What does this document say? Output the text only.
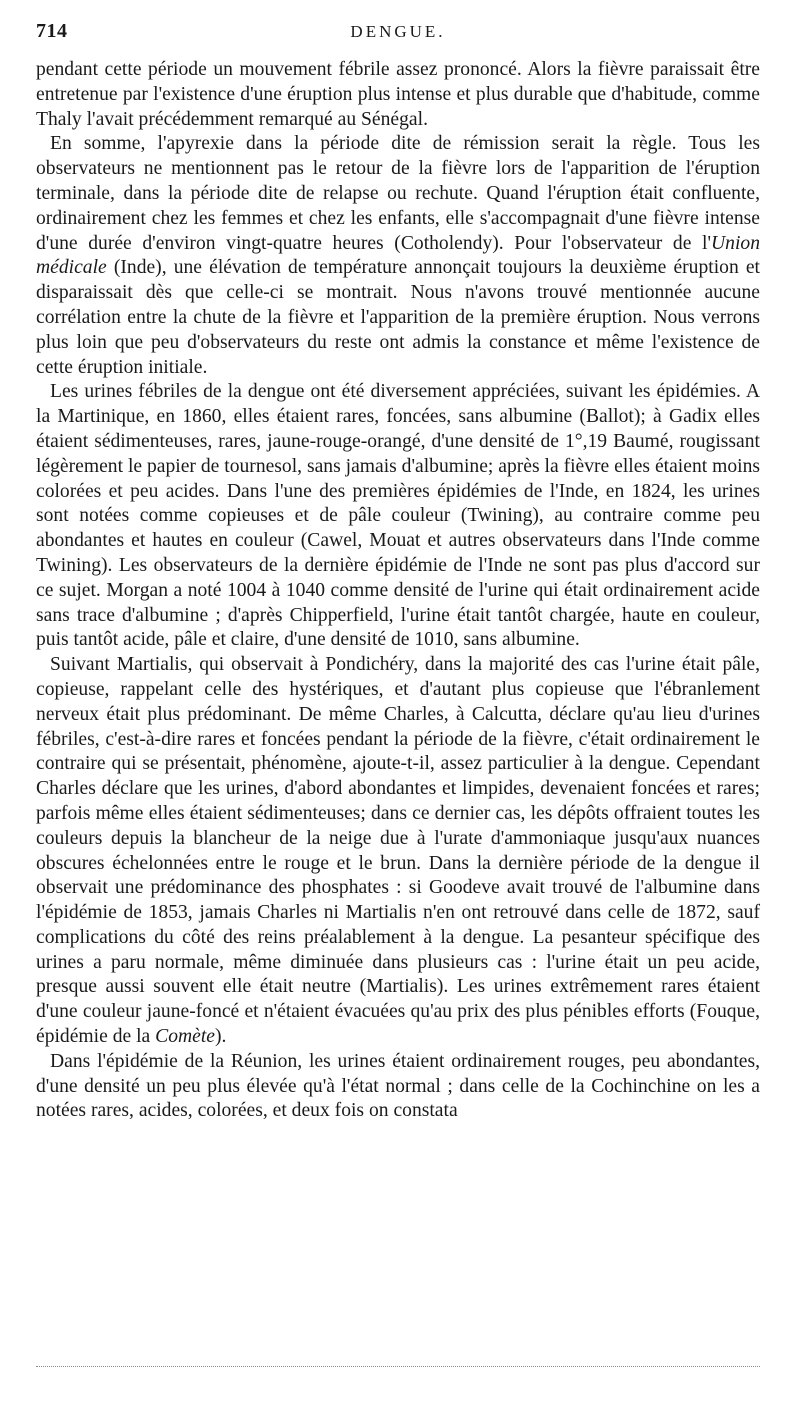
714	DENGUE.

pendant cette période un mouvement fébrile assez prononcé. Alors la fièvre paraissait être entretenue par l'existence d'une éruption plus intense et plus durable que d'habitude, comme Thaly l'avait précédemment remarqué au Sénégal.

En somme, l'apyrexie dans la période dite de rémission serait la règle. Tous les observateurs ne mentionnent pas le retour de la fièvre lors de l'apparition de l'éruption terminale, dans la période dite de relapse ou rechute. Quand l'éruption était confluente, ordinairement chez les femmes et chez les enfants, elle s'accompagnait d'une fièvre intense d'une durée d'environ vingt-quatre heures (Cotholendy). Pour l'observateur de l'Union médicale (Inde), une élévation de température annonçait toujours la deuxième éruption et disparaissait dès que celle-ci se montrait. Nous n'avons trouvé mentionnée aucune corrélation entre la chute de la fièvre et l'apparition de la première éruption. Nous verrons plus loin que peu d'observateurs du reste ont admis la constance et même l'existence de cette éruption initiale.

Les urines fébriles de la dengue ont été diversement appréciées, suivant les épidémies. A la Martinique, en 1860, elles étaient rares, foncées, sans albumine (Ballot); à Gadix elles étaient sédimenteuses, rares, jaune-rouge-orangé, d'une densité de 1°,19 Baumé, rougissant légèrement le papier de tournesol, sans jamais d'albumine; après la fièvre elles étaient moins colorées et peu acides. Dans l'une des premières épidémies de l'Inde, en 1824, les urines sont notées comme copieuses et de pâle couleur (Twining), au contraire comme peu abondantes et hautes en couleur (Cawel, Mouat et autres observateurs dans l'Inde comme Twining). Les observateurs de la dernière épidémie de l'Inde ne sont pas plus d'accord sur ce sujet. Morgan a noté 1004 à 1040 comme densité de l'urine qui était ordinairement acide sans trace d'albumine ; d'après Chipperfield, l'urine était tantôt chargée, haute en couleur, puis tantôt acide, pâle et claire, d'une densité de 1010, sans albumine.

Suivant Martialis, qui observait à Pondichéry, dans la majorité des cas l'urine était pâle, copieuse, rappelant celle des hystériques, et d'autant plus copieuse que l'ébranlement nerveux était plus prédominant. De même Charles, à Calcutta, déclare qu'au lieu d'urines fébriles, c'est-à-dire rares et foncées pendant la période de la fièvre, c'était ordinairement le contraire qui se présentait, phénomène, ajoute-t-il, assez particulier à la dengue. Cependant Charles déclare que les urines, d'abord abondantes et limpides, devenaient foncées et rares; parfois même elles étaient sédimenteuses; dans ce dernier cas, les dépôts offraient toutes les couleurs depuis la blancheur de la neige due à l'urate d'ammoniaque jusqu'aux nuances obscures échelonnées entre le rouge et le brun. Dans la dernière période de la dengue il observait une prédominance des phosphates : si Goodeve avait trouvé de l'albumine dans l'épidémie de 1853, jamais Charles ni Martialis n'en ont retrouvé dans celle de 1872, sauf complications du côté des reins préalablement à la dengue. La pesanteur spécifique des urines a paru normale, même diminuée dans plusieurs cas : l'urine était un peu acide, presque aussi souvent elle était neutre (Martialis). Les urines extrêmement rares étaient d'une couleur jaune-foncé et n'étaient évacuées qu'au prix des plus pénibles efforts (Fouque, épidémie de la Comète).

Dans l'épidémie de la Réunion, les urines étaient ordinairement rouges, peu abondantes, d'une densité un peu plus élevée qu'à l'état normal ; dans celle de la Cochinchine on les a notées rares, acides, colorées, et deux fois on constata
